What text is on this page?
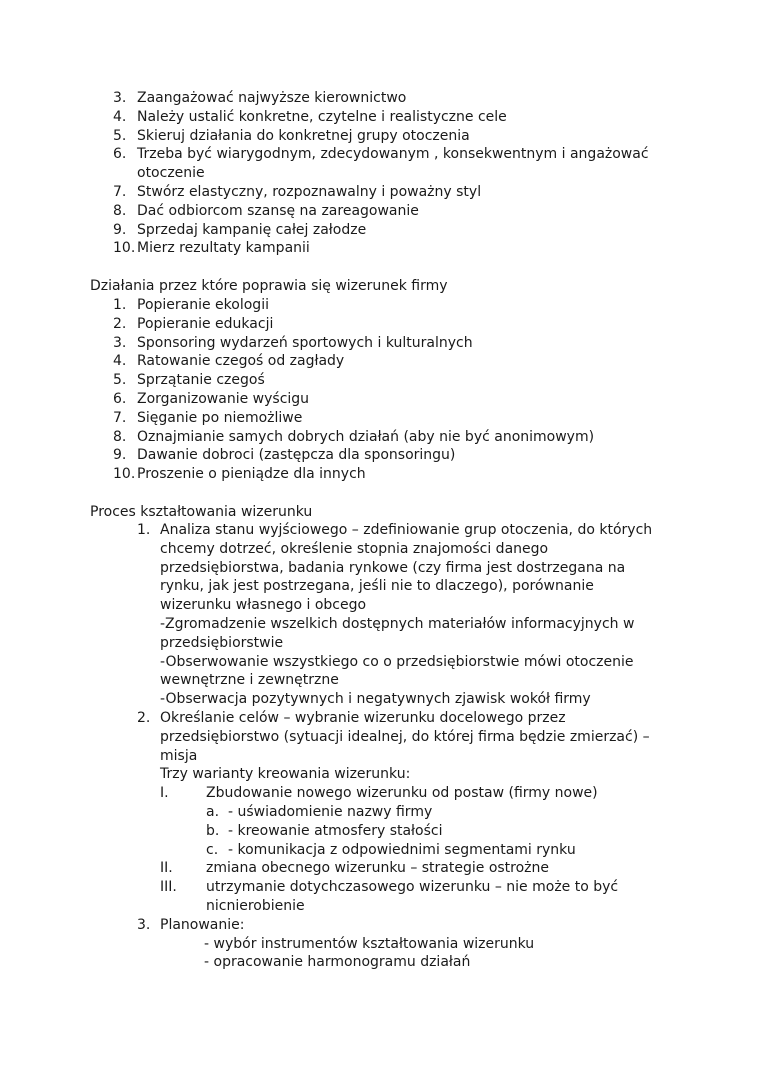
3. Zaangażować najwyższe kierownictwo
4. Należy ustalić konkretne, czytelne i realistyczne cele
5. Skieruj działania do konkretnej grupy otoczenia
6. Trzeba być wiarygodnym, zdecydowanym , konsekwentnym i angażować
otoczenie
7. Stwórz elastyczny, rozpoznawalny i poważny styl
8. Dać odbiorcom szansę na zareagowanie
9. Sprzedaj kampanię całej załodze
10. Mierz rezultaty kampanii
Działania przez które poprawia się wizerunek firmy
1. Popieranie ekologii
2. Popieranie edukacji
3. Sponsoring wydarzeń sportowych i kulturalnych
4. Ratowanie czegoś od zagłady
5. Sprzątanie czegoś
6. Zorganizowanie wyścigu
7. Sięganie po niemożliwe
8. Oznajmianie samych dobrych działań (aby nie być anonimowym)
9. Dawanie dobroci (zastępcza dla sponsoringu)
10. Proszenie o pieniądze dla innych
Proces kształtowania wizerunku
1. Analiza stanu wyjściowego – zdefiniowanie grup otoczenia, do których
chcemy dotrzeć, określenie stopnia znajomości danego
przedsiębiorstwa, badania rynkowe (czy firma jest dostrzegana na
rynku, jak jest postrzegana, jeśli nie to dlaczego), porównanie
wizerunku własnego i obcego
-Zgromadzenie wszelkich dostępnych materiałów informacyjnych w
przedsiębiorstwie
-Obserwowanie wszystkiego co o przedsiębiorstwie mówi otoczenie
wewnętrzne i zewnętrzne
-Obserwacja pozytywnych i negatywnych zjawisk wokół firmy
2. Określanie celów – wybranie wizerunku docelowego przez
przedsiębiorstwo (sytuacji idealnej, do której firma będzie zmierzać) –
misja
Trzy warianty kreowania wizerunku:
I.	Zbudowanie nowego wizerunku od postaw (firmy nowe)
a. - uświadomienie nazwy firmy
b. - kreowanie atmosfery stałości
c. - komunikacja z odpowiednimi segmentami rynku
II. zmiana obecnego wizerunku – strategie ostrożne
III. utrzymanie dotychczasowego wizerunku – nie może to być
nicnierobienie
3. Planowanie:
- wybór instrumentów kształtowania wizerunku
- opracowanie harmonogramu działań
